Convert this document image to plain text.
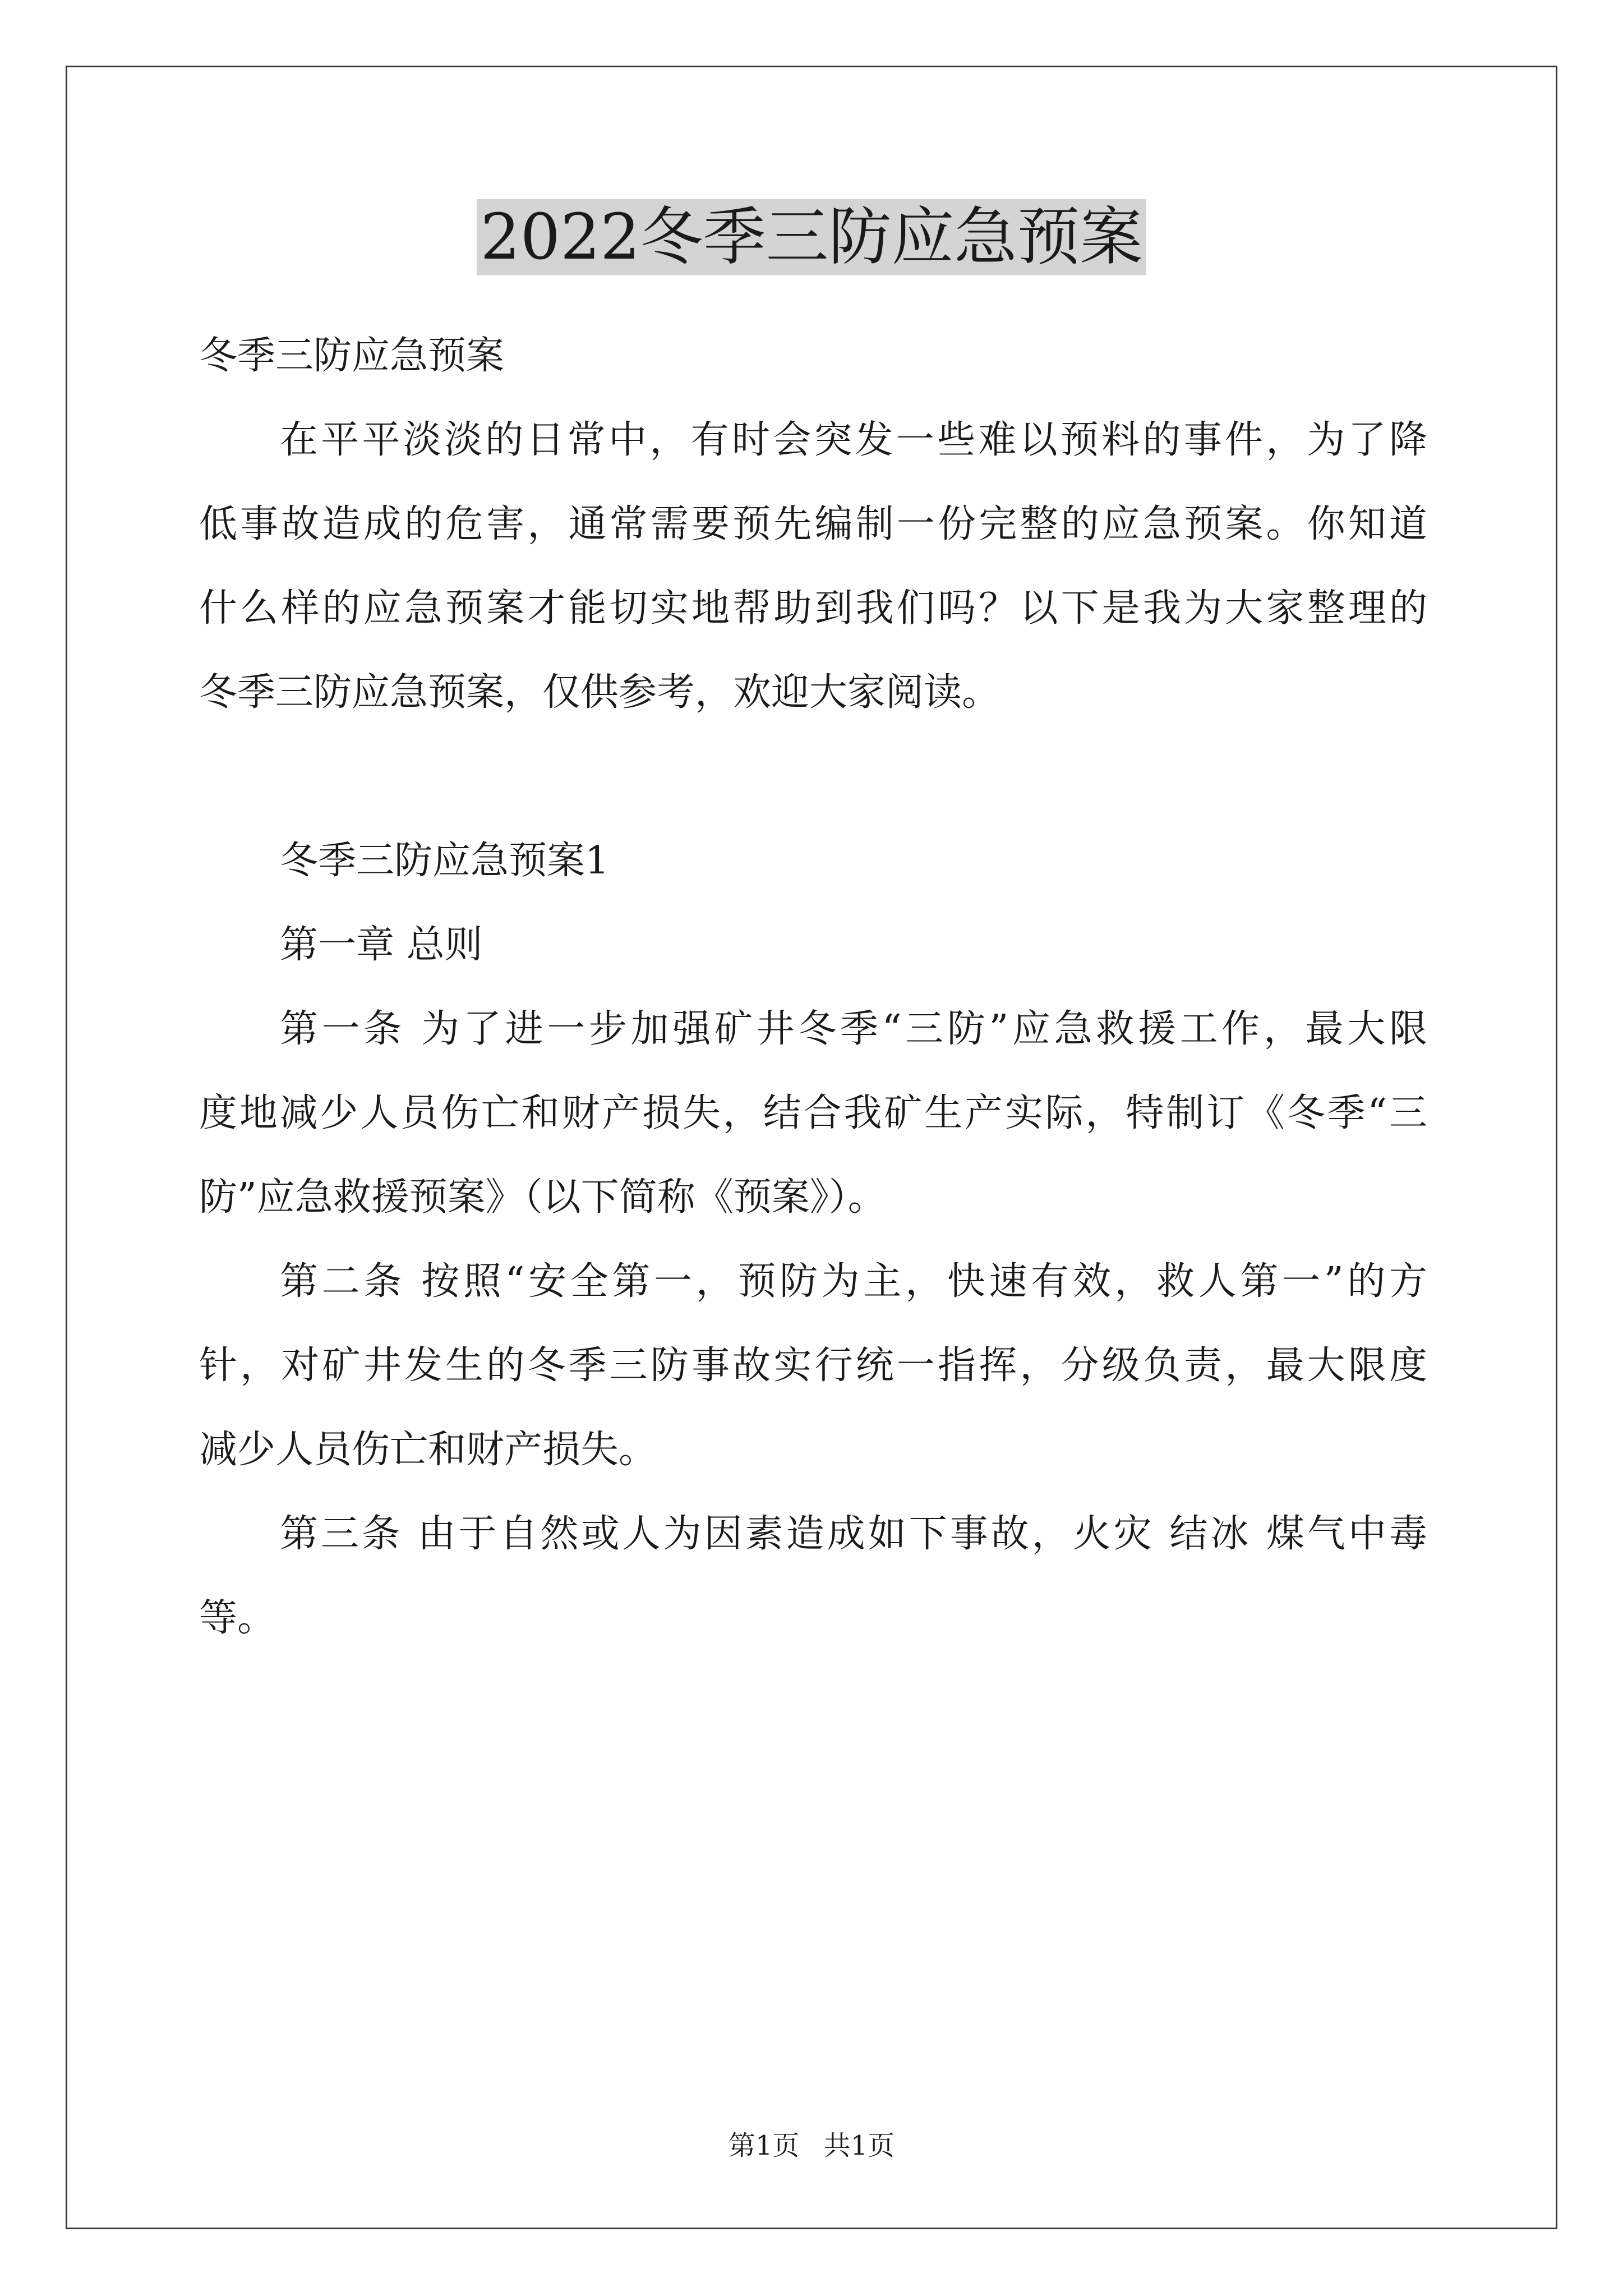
2022冬季三防应急预案
冬季三防应急预案
在平平淡淡的日常中，有时会突发一些难以预料的事件，为了降
低事故造成的危害，通常需要预先编制一份完整的应急预案。你知道
什么样的应急预案才能切实地帮助到我们吗？以下是我为大家整理的
冬季三防应急预案，仅供参考，欢迎大家阅读。
冬季三防应急预案1
第一章 总则
第一条 为了进一步加强矿井冬季“三防”应急救援工作，最大限
度地减少人员伤亡和财产损失，结合我矿生产实际，特制订《冬季“三
防”应急救援预案》（以下简称《预案》）。
第二条 按照“安全第一，预防为主，快速有效，救人第一”的方
针，对矿井发生的冬季三防事故实行统一指挥，分级负责，最大限度
减少人员伤亡和财产损失。
第三条 由于自然或人为因素造成如下事故，火灾 结冰 煤气中毒
等。
第1页 共1页
